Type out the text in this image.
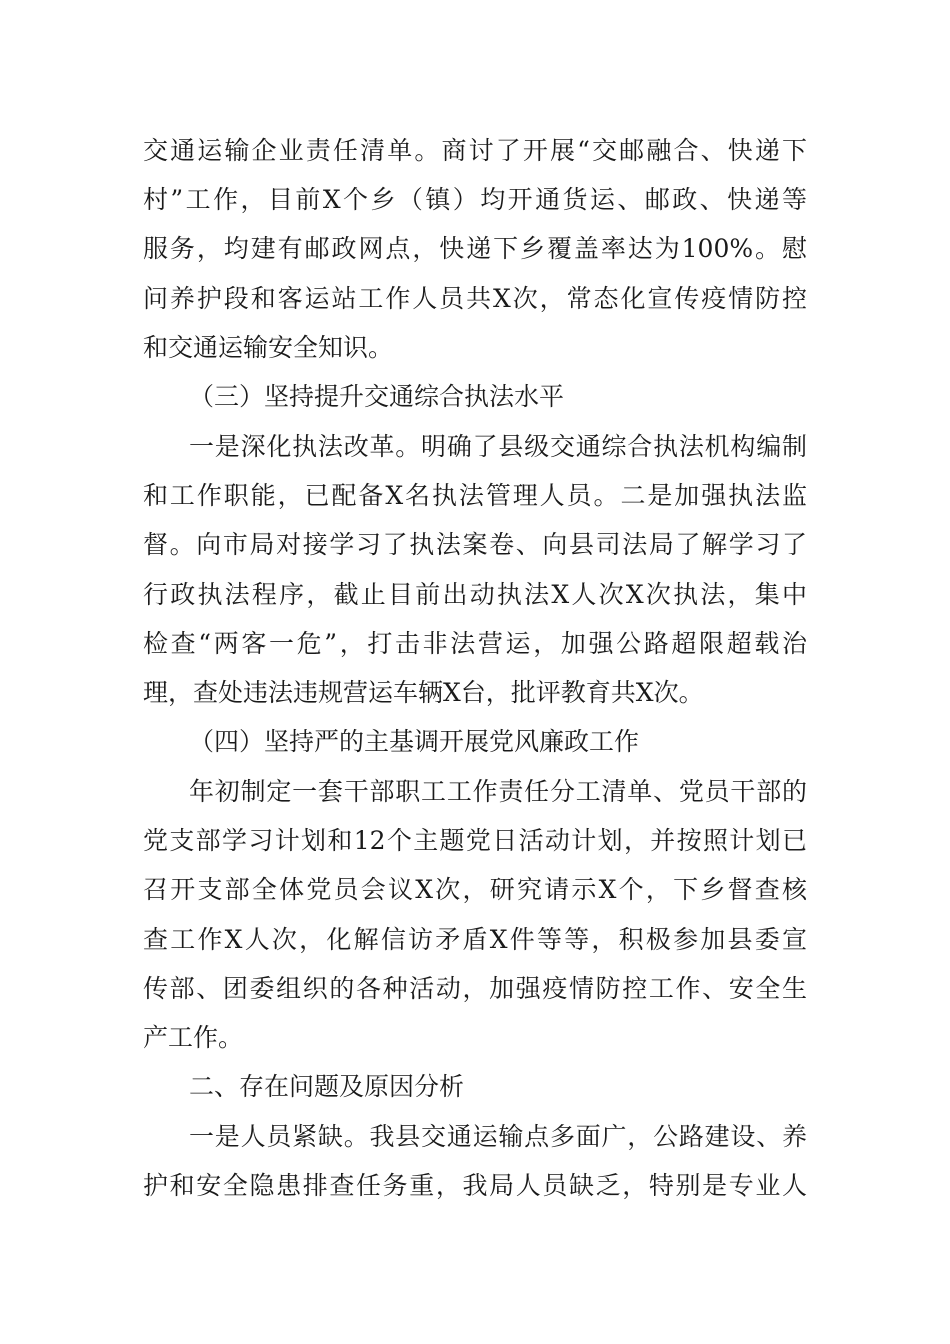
交通运输企业责任清单。商讨了开展“交邮融合、快递下
村”工作，目前X个乡（镇）均开通货运、邮政、快递等
服务，均建有邮政网点，快递下乡覆盖率达为100%。慰
问养护段和客运站工作人员共X次，常态化宣传疫情防控
和交通运输安全知识。
（三）坚持提升交通综合执法水平
一是深化执法改革。明确了县级交通综合执法机构编制
和工作职能，已配备X名执法管理人员。二是加强执法监
督。向市局对接学习了执法案卷、向县司法局了解学习了
行政执法程序，截止目前出动执法X人次X次执法，集中
检查“两客一危”，打击非法营运，加强公路超限超载治
理，查处违法违规营运车辆X台，批评教育共X次。
（四）坚持严的主基调开展党风廉政工作
年初制定一套干部职工工作责任分工清单、党员干部的
党支部学习计划和12个主题党日活动计划，并按照计划已
召开支部全体党员会议X次，研究请示X个，下乡督查核
查工作X人次，化解信访矛盾X件等等，积极参加县委宣
传部、团委组织的各种活动，加强疫情防控工作、安全生
产工作。
二、存在问题及原因分析
一是人员紧缺。我县交通运输点多面广，公路建设、养
护和安全隐患排查任务重，我局人员缺乏，特别是专业人
